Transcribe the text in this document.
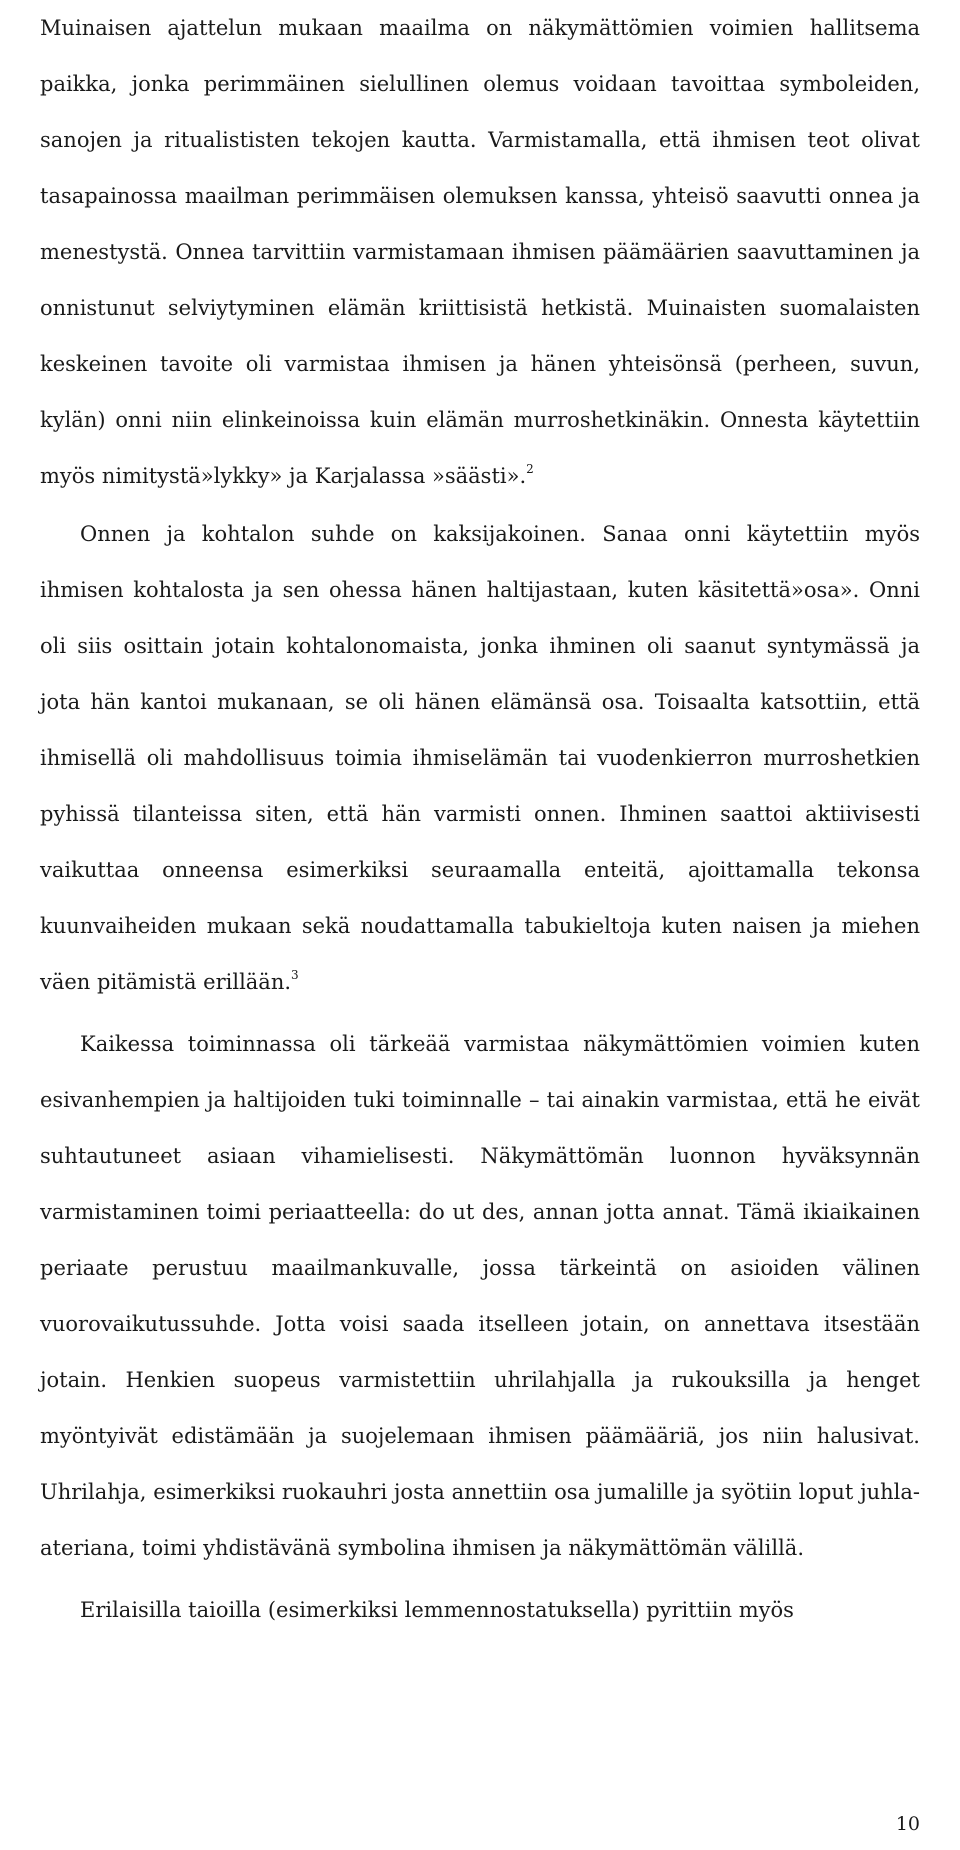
Muinaisen ajattelun mukaan maailma on näkymättömien voimien hallitsema paikka, jonka perimmäinen sielullinen olemus voidaan tavoittaa symboleiden, sanojen ja ritualististen tekojen kautta. Varmistamalla, että ihmisen teot olivat tasapainossa maailman perimmäisen olemuksen kanssa, yhteisö saavutti onnea ja menestystä. Onnea tarvittiin varmistamaan ihmisen päämäärien saavuttaminen ja onnistunut selviytyminen elämän kriittisistä hetkistä. Muinaisten suomalaisten keskeinen tavoite oli varmistaa ihmisen ja hänen yhteisönsä (perheen, suvun, kylän) onni niin elinkeinoissa kuin elämän murroshetkinäkin. Onnesta käytettiin myös nimitystä»lykky» ja Karjalassa »säästi».$^2$

Onnen ja kohtalon suhde on kaksijakoinen. Sanaa onni käytettiin myös ihmisen kohtalosta ja sen ohessa hänen haltijastaan, kuten käsitettä»osa». Onni oli siis osittain jotain kohtalonomaista, jonka ihminen oli saanut syntymässä ja jota hän kantoi mukanaan, se oli hänen elämänsä osa. Toisaalta katsottiin, että ihmisellä oli mahdollisuus toimia ihmiselämän tai vuodenkierron murroshetkien pyhissä tilanteissa siten, että hän varmisti onnen. Ihminen saattoi aktiivisesti vaikuttaa onneensa esimerkiksi seuraamalla enteitä, ajoittamalla tekonsa kuunvaiheiden mukaan sekä noudattamalla tabukieltoja kuten naisen ja miehen väen pitämistä erillään.$^3$

Kaikessa toiminnassa oli tärkeää varmistaa näkymättömien voimien kuten esivanhempien ja haltijoiden tuki toiminnalle – tai ainakin varmistaa, että he eivät suhtautuneet asiaan vihamielisesti. Näkymättömän luonnon hyväksynnän varmistaminen toimi periaatteella: do ut des, annan jotta annat. Tämä ikiaikainen periaate perustuu maailmankuvalle, jossa tärkeintä on asioiden välinen vuorovaikutussuhde. Jotta voisi saada itselleen jotain, on annettava itsestään jotain. Henkien suopeus varmistettiin uhrilahjalla ja rukouksilla ja henget myöntyivät edistämään ja suojelemaan ihmisen päämääriä, jos niin halusivat. Uhrilahja, esimerkiksi ruokauhri josta annettiin osa jumalille ja syötiin loput juhla-ateriana, toimi yhdistävänä symbolina ihmisen ja näkymättömän välillä.

Erilaisilla taioilla (esimerkiksi lemmennostatuksella) pyrittiin myös

10
